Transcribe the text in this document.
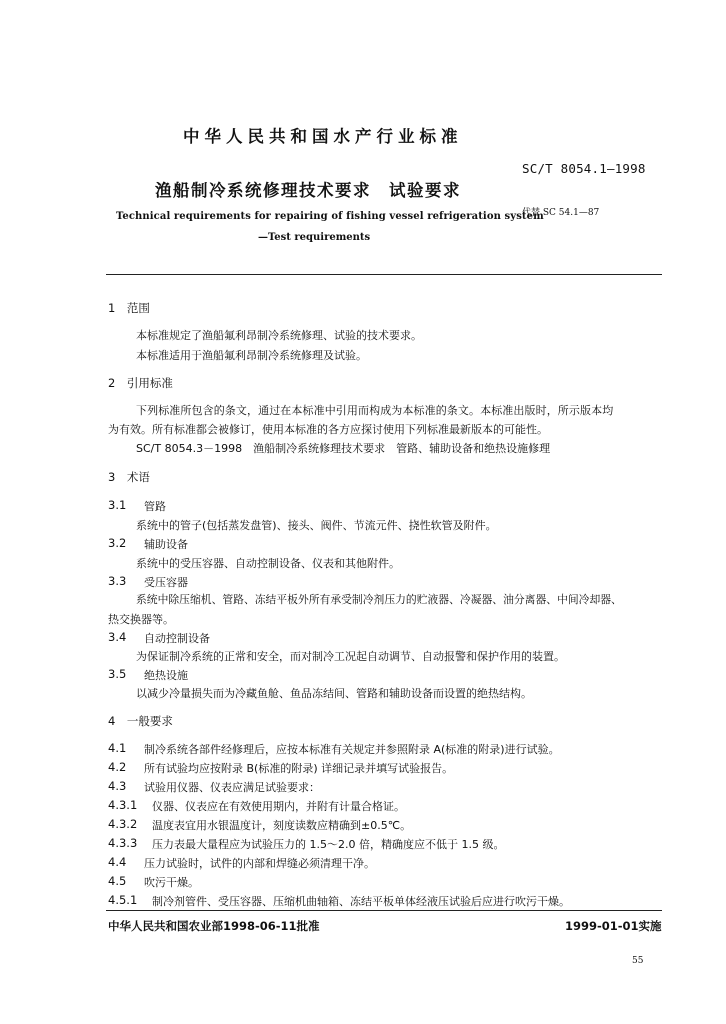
中华人民共和国水产行业标准
SC/T 8054.1—1998
渔船制冷系统修理技术要求　试验要求
代替 SC 54.1—87
Technical requirements for repairing of fishing vessel refrigeration system
—Test requirements
1　范围
本标准规定了渔船氟利昂制冷系统修理、试验的技术要求。
本标准适用于渔船氟利昂制冷系统修理及试验。
2　引用标准
下列标准所包含的条文，通过在本标准中引用而构成为本标准的条文。本标准出版时，所示版本均
为有效。所有标准都会被修订，使用本标准的各方应探讨使用下列标准最新版本的可能性。
SC/T 8054.3－1998　渔船制冷系统修理技术要求　管路、辅助设备和绝热设施修理
3　术语
3.1 管路
系统中的管子(包括蒸发盘管)、接头、阀件、节流元件、挠性软管及附件。
3.2 辅助设备
系统中的受压容器、自动控制设备、仪表和其他附件。
3.3 受压容器
系统中除压缩机、管路、冻结平板外所有承受制冷剂压力的贮液器、冷凝器、油分离器、中间冷却器、
热交换器等。
3.4 自动控制设备
为保证制冷系统的正常和安全，而对制冷工况起自动调节、自动报警和保护作用的装置。
3.5 绝热设施
以减少冷量损失而为冷藏鱼舱、鱼品冻结间、管路和辅助设备而设置的绝热结构。
4　一般要求
4.1 制冷系统各部件经修理后，应按本标准有关规定并参照附录 A(标准的附录)进行试验。
4.2 所有试验均应按附录 B(标准的附录) 详细记录并填写试验报告。
4.3 试验用仪器、仪表应满足试验要求：
4.3.1 仪器、仪表应在有效使用期内，并附有计量合格证。
4.3.2 温度表宜用水银温度计，刻度读数应精确到±0.5℃。
4.3.3 压力表最大量程应为试验压力的 1.5～2.0 倍，精确度应不低于 1.5 级。
4.4 压力试验时，试件的内部和焊缝必须清理干净。
4.5 吹污干燥。
4.5.1 制冷剂管件、受压容器、压缩机曲轴箱、冻结平板单体经液压试验后应进行吹污干燥。
中华人民共和国农业部1998-06-11批准	1999-01-01实施
55
